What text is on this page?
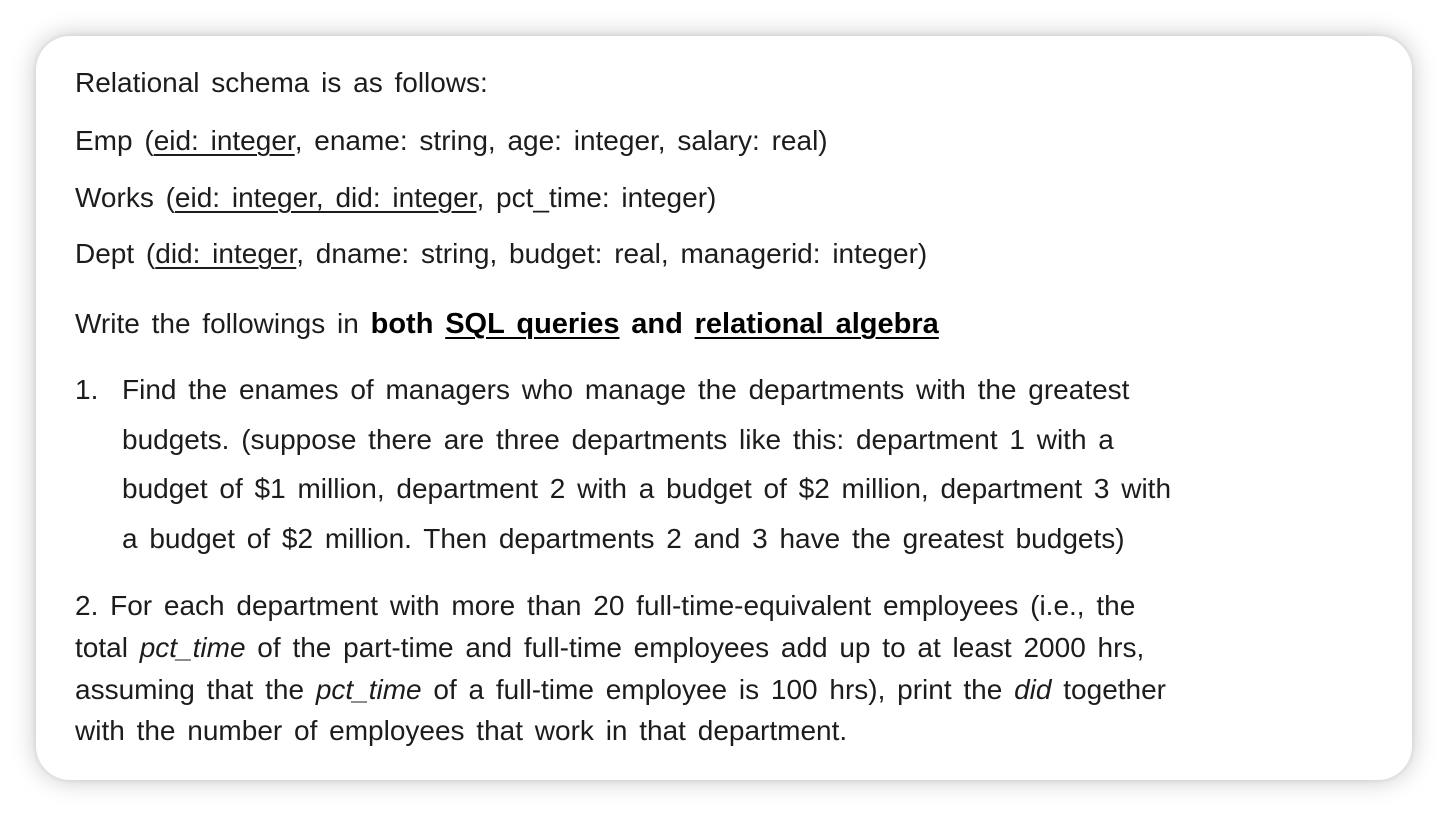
Relational schema is as follows:
Emp (eid: integer, ename: string, age: integer, salary: real)
Works (eid: integer, did: integer, pct_time: integer)
Dept (did: integer, dname: string, budget: real, managerid: integer)
Write the followings in both SQL queries and relational algebra
1. Find the enames of managers who manage the departments with the greatest
budgets. (suppose there are three departments like this: department 1 with a
budget of $1 million, department 2 with a budget of $2 million, department 3 with
a budget of $2 million. Then departments 2 and 3 have the greatest budgets)
2. For each department with more than 20 full-time-equivalent employees (i.e., the
total pct_time of the part-time and full-time employees add up to at least 2000 hrs,
assuming that the pct_time of a full-time employee is 100 hrs), print the did together
with the number of employees that work in that department.
